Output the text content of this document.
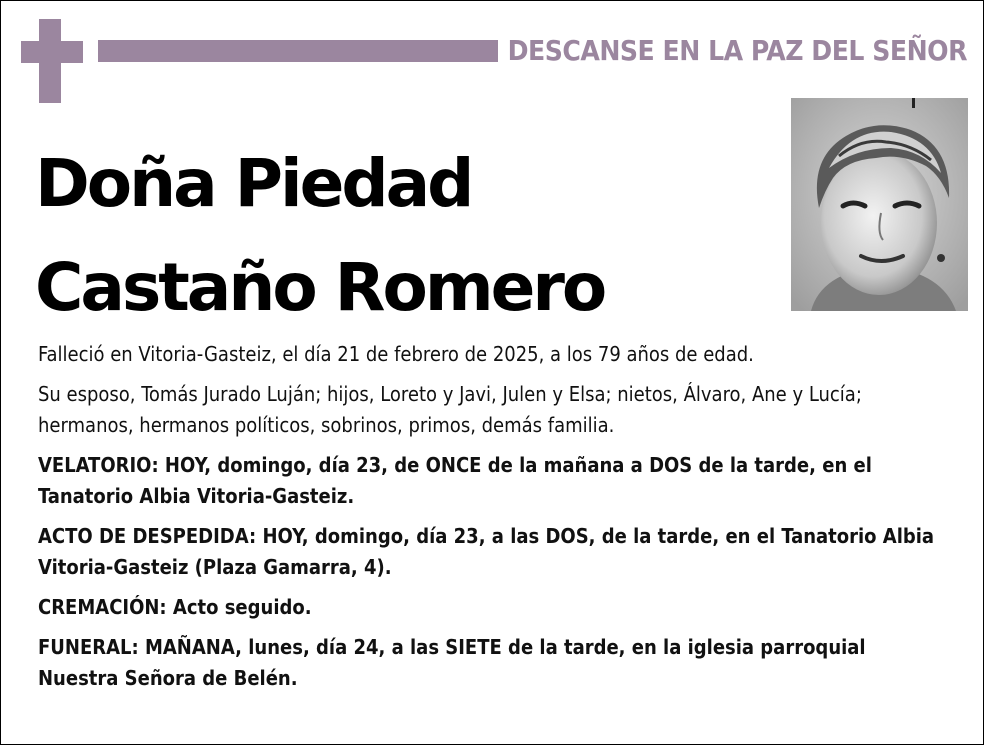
DESCANSE EN LA PAZ DEL SEÑOR
Doña Piedad
Castaño Romero

Falleció en Vitoria-Gasteiz, el día 21 de febrero de 2025, a los 79 años de edad.

Su esposo, Tomás Jurado Luján; hijos, Loreto y Javi, Julen y Elsa; nietos, Álvaro, Ane y Lucía; hermanos, hermanos políticos, sobrinos, primos, demás familia.

VELATORIO: HOY, domingo, día 23, de ONCE de la mañana a DOS de la tarde, en el Tanatorio Albia Vitoria-Gasteiz.

ACTO DE DESPEDIDA: HOY, domingo, día 23, a las DOS, de la tarde, en el Tanatorio Albia Vitoria-Gasteiz (Plaza Gamarra, 4).

CREMACIÓN: Acto seguido.

FUNERAL: MAÑANA, lunes, día 24, a las SIETE de la tarde, en la iglesia parroquial Nuestra Señora de Belén.
